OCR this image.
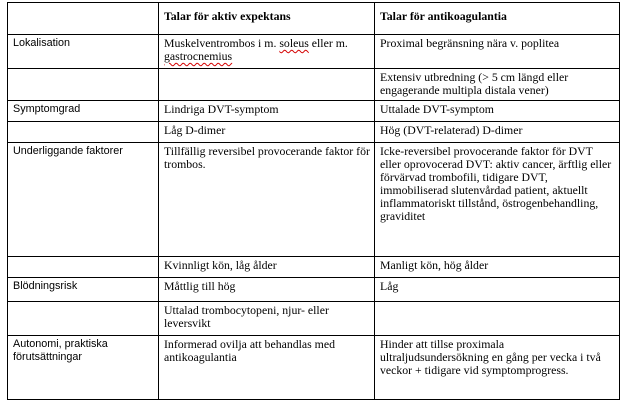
	Talar för aktiv expektans	Talar för antikoagulantia
Lokalisation	Muskelventrombos i m. soleus eller m. gastrocnemius	Proximal begränsning nära v. poplitea
		Extensiv utbredning (> 5 cm längd eller engagerande multipla distala vener)
Symptomgrad	Lindriga DVT-symptom	Uttalade DVT-symptom
	Låg D-dimer	Hög (DVT-relaterad) D-dimer
Underliggande faktorer	Tillfällig reversibel provocerande faktor för trombos.	Icke-reversibel provocerande faktor för DVT eller oprovocerad DVT: aktiv cancer, ärftlig eller förvärvad trombofili, tidigare DVT, immobiliserad slutenvårdad patient, aktuellt inflammatoriskt tillstånd, östrogenbehandling, graviditet
	Kvinnligt kön, låg ålder	Manligt kön, hög ålder
Blödningsrisk	Måttlig till hög	Låg
	Uttalad trombocytopeni, njur- eller leversvikt	
Autonomi, praktiska förutsättningar	Informerad ovilja att behandlas med antikoagulantia	Hinder att tillse proximala ultraljudsundersökning en gång per vecka i två veckor + tidigare vid symptomprogress.
